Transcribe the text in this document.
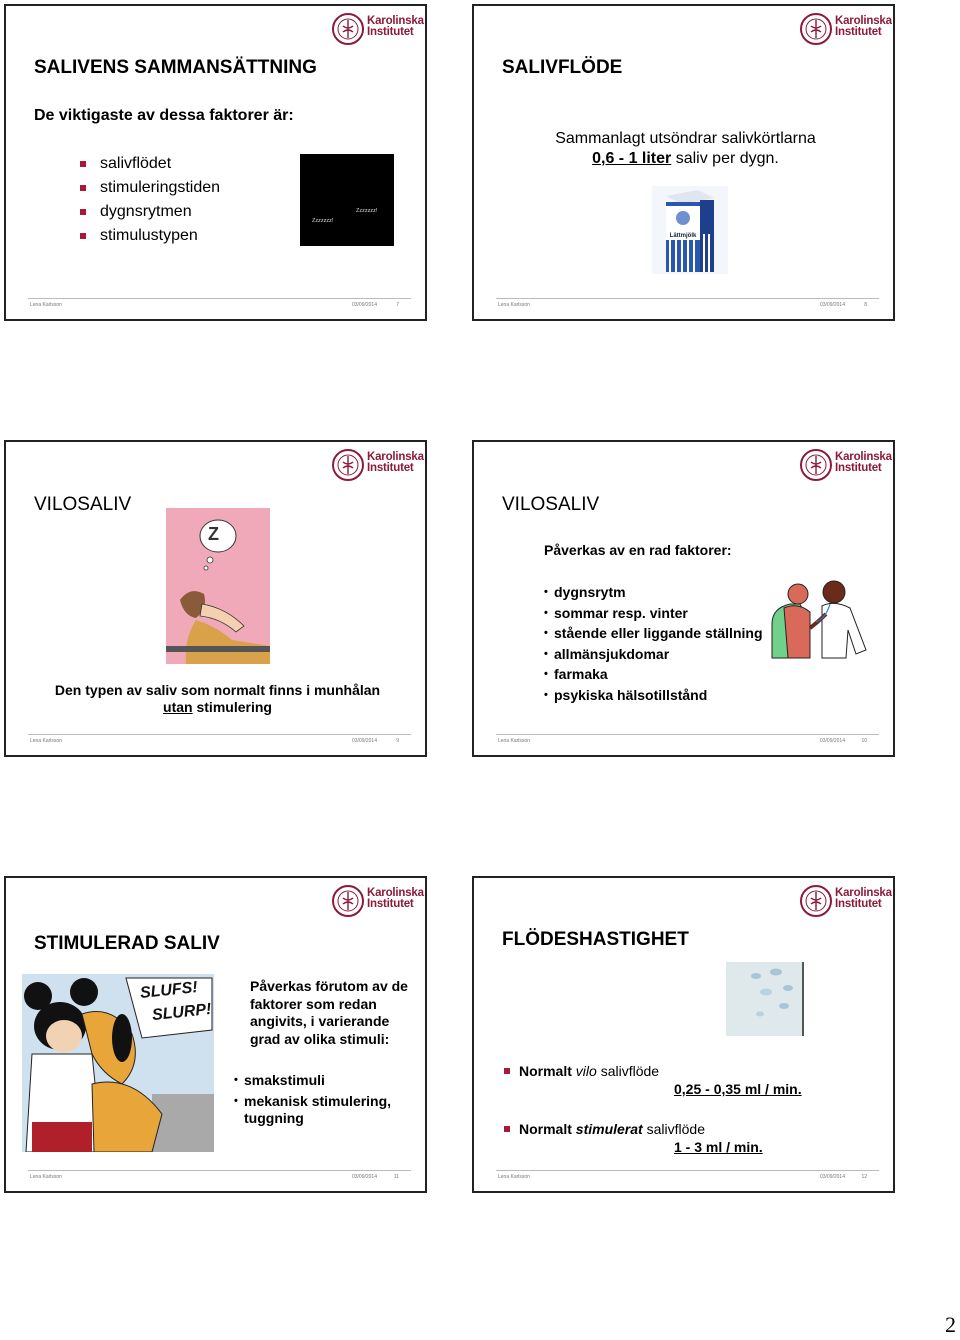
Karolinska
Institutet
SALIVENS SAMMANSÄTTNING
De viktigaste av dessa faktorer är:
salivflödet
stimuleringstiden
dygnsrytmen
stimulustypen
Zzzzzzz!
Zzzzzzz!
Lena Karlsson	03/09/2014	7
Karolinska
Institutet
SALIVFLÖDE
Sammanlagt utsöndrar salivkörtlarna
0,6 - 1 liter saliv per dygn.
Lättmjölk
Lena Karlsson	03/09/2014	8
Karolinska
Institutet
VILOSALIV
Z
Den typen av saliv som normalt finns i munhålan
utan stimulering
Lena Karlsson	03/09/2014	9
Karolinska
Institutet
VILOSALIV
Påverkas av en rad faktorer:
• dygnsrytm
• sommar resp. vinter
• stående eller liggande ställning
• allmänsjukdomar
• farmaka
• psykiska hälsotillstånd
Lena Karlsson	03/09/2014	10
Karolinska
Institutet
STIMULERAD SALIV
SLUFS!
SLURP!
Påverkas förutom av de faktorer som redan angivits, i varierande grad av olika stimuli:
• smakstimuli
• mekanisk stimulering, tuggning
Lena Karlsson	03/09/2014	11
Karolinska
Institutet
FLÖDESHASTIGHET
Normalt vilo salivflöde
0,25 - 0,35 ml / min.
Normalt stimulerat salivflöde
1 - 3 ml / min.
Lena Karlsson	03/09/2014	12
2
